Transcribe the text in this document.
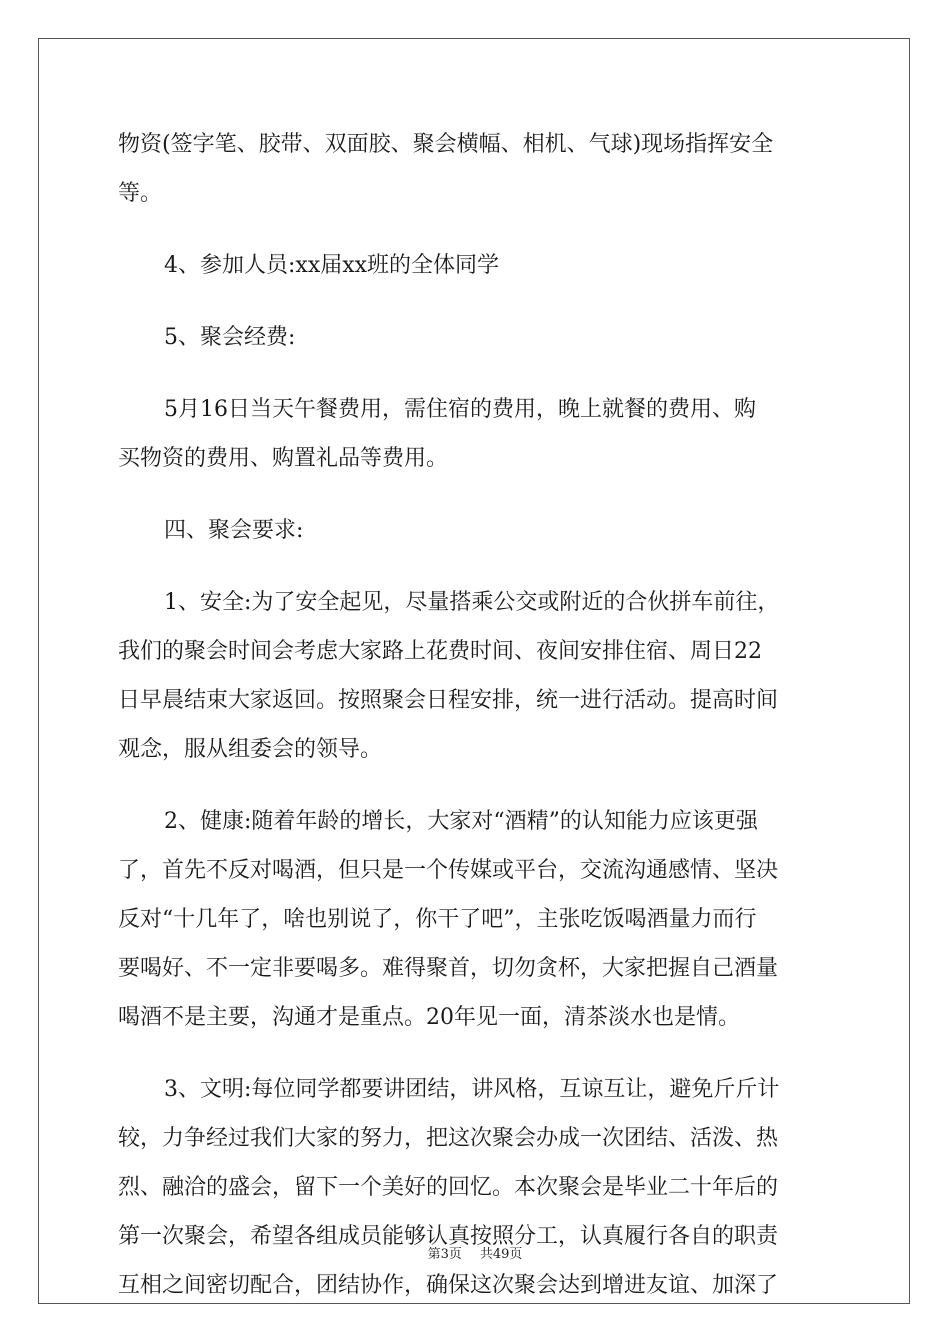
物资(签字笔、胶带、双面胶、聚会横幅、相机、气球)现场指挥安全
等。
4、参加人员:xx届xx班的全体同学
5、聚会经费:
5月16日当天午餐费用，需住宿的费用，晚上就餐的费用、购
买物资的费用、购置礼品等费用。
四、聚会要求:
1、安全:为了安全起见，尽量搭乘公交或附近的合伙拼车前往，
我们的聚会时间会考虑大家路上花费时间、夜间安排住宿、周日22
日早晨结束大家返回。按照聚会日程安排，统一进行活动。提高时间
观念，服从组委会的领导。
2、健康:随着年龄的增长，大家对“酒精”的认知能力应该更强
了，首先不反对喝酒，但只是一个传媒或平台，交流沟通感情、坚决
反对“十几年了，啥也别说了，你干了吧”，主张吃饭喝酒量力而行
要喝好、不一定非要喝多。难得聚首，切勿贪杯，大家把握自己酒量
喝酒不是主要，沟通才是重点。20年见一面，清茶淡水也是情。
3、文明:每位同学都要讲团结，讲风格，互谅互让，避免斤斤计
较，力争经过我们大家的努力，把这次聚会办成一次团结、活泼、热
烈、融洽的盛会，留下一个美好的回忆。本次聚会是毕业二十年后的
第一次聚会，希望各组成员能够认真按照分工，认真履行各自的职责
互相之间密切配合，团结协作，确保这次聚会达到增进友谊、加深了
第3页 共49页
